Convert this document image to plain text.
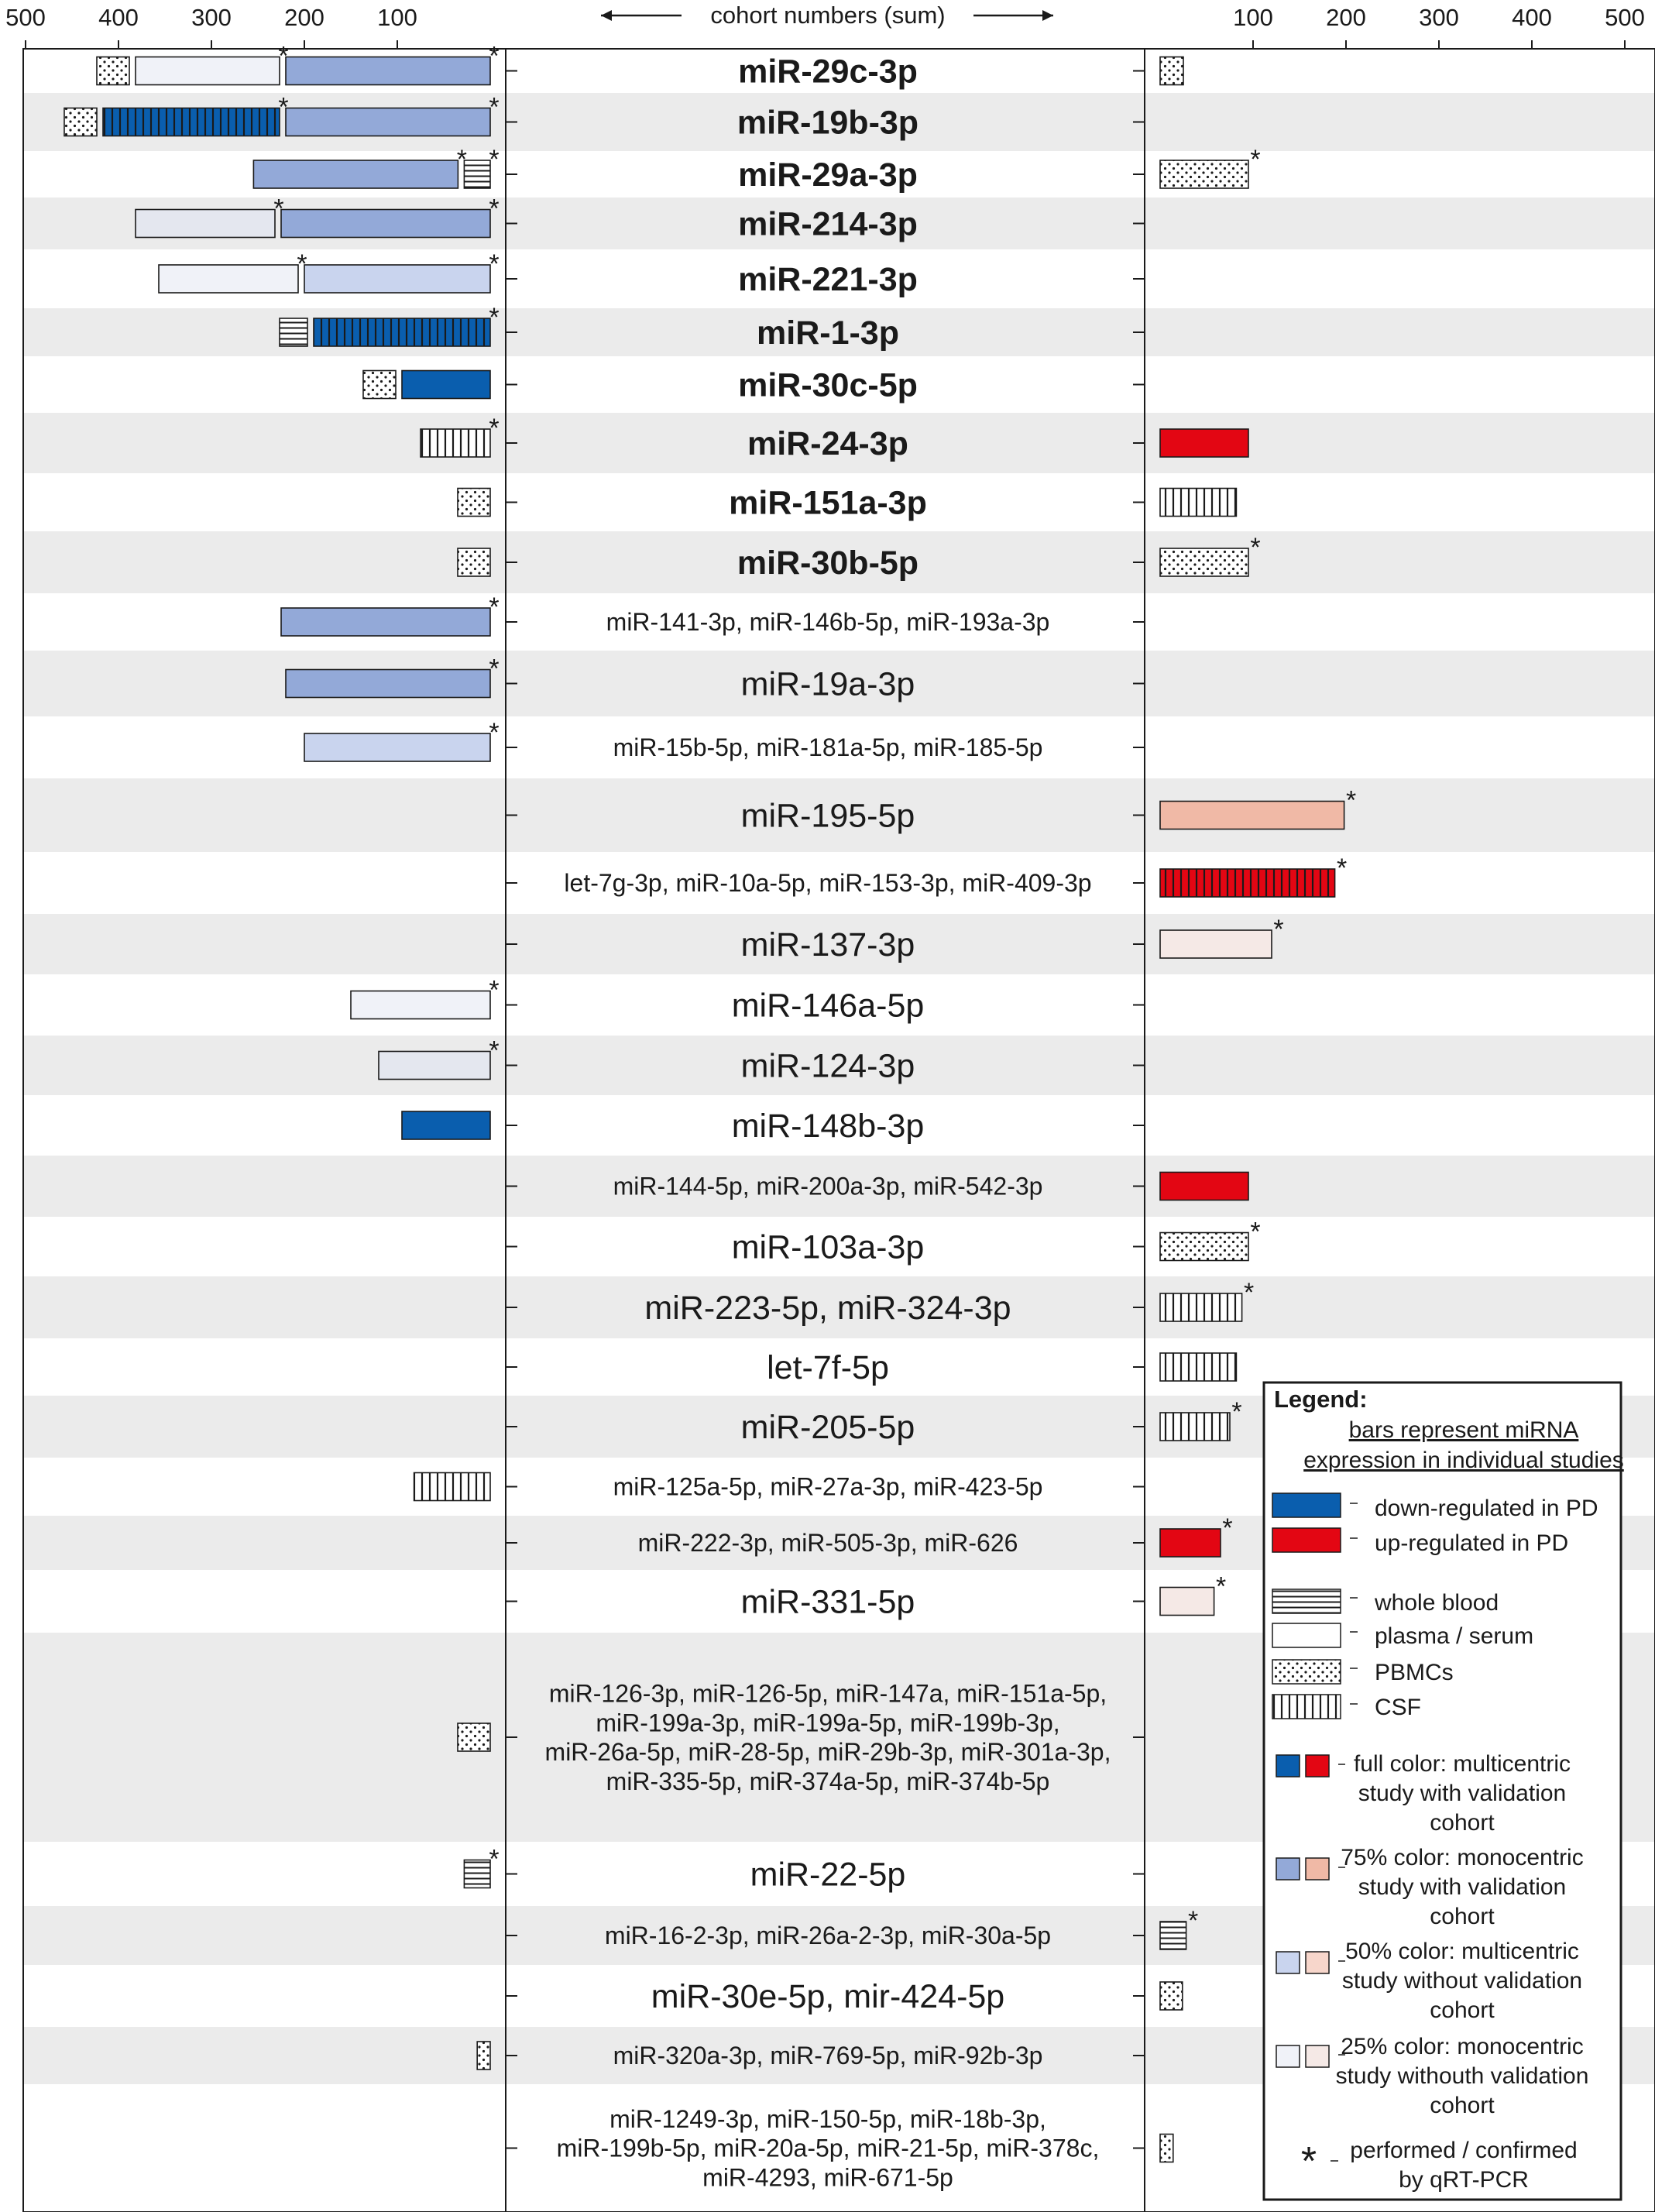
500 400 300 200 100	100 200 300 400 500
cohort numbers (sum)
miR-29c-3p
miR-19b-3p
miR-29a-3p
miR-214-3p
miR-221-3p
miR-1-3p
miR-30c-5p
miR-24-3p
miR-151a-3p
miR-30b-5p
miR-141-3p, miR-146b-5p, miR-193a-3p
miR-19a-3p
miR-15b-5p, miR-181a-5p, miR-185-5p
miR-195-5p
let-7g-3p, miR-10a-5p, miR-153-3p, miR-409-3p
miR-137-3p
miR-146a-5p
miR-124-3p
miR-148b-3p
miR-144-5p, miR-200a-3p, miR-542-3p
miR-103a-3p
miR-223-5p, miR-324-3p
let-7f-5p
miR-205-5p
miR-125a-5p, miR-27a-3p, miR-423-5p
miR-222-3p, miR-505-3p, miR-626
miR-331-5p
miR-126-3p, miR-126-5p, miR-147a, miR-151a-5p, miR-199a-3p, miR-199a-5p, miR-199b-3p, miR-26a-5p, miR-28-5p, miR-29b-3p, miR-301a-3p, miR-335-5p, miR-374a-5p, miR-374b-5p
miR-22-5p
miR-16-2-3p, miR-26a-2-3p, miR-30a-5p
miR-30e-5p, mir-424-5p
miR-320a-3p, miR-769-5p, miR-92b-3p
miR-1249-3p, miR-150-5p, miR-18b-3p, miR-199b-5p, miR-20a-5p, miR-21-5p, miR-378c, miR-4293, miR-671-5p
*
*
*
*
*
*
*
*
*
*
*
*
*
*
*
*
*
*
*
*
*
*
*
*
*
*
*
*
*
Legend:
bars represent miRNA
expression in individual studies
down-regulated in PD
up-regulated in PD
whole blood
plasma / serum
PBMCs
CSF
full color: multicentric
study with validation
cohort
75% color: monocentric
study with validation
cohort
50% color: multicentric
study without validation
cohort
25% color: monocentric
study withouth validation
cohort
* performed / confirmed
by qRT-PCR
